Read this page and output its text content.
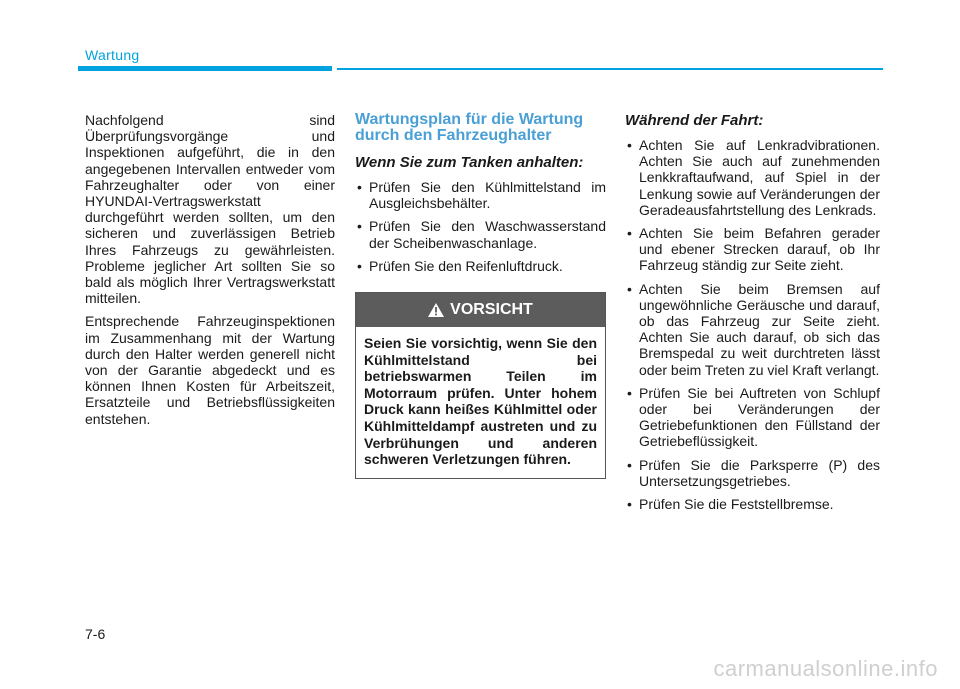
Wartung

Nachfolgend sind Überprüfungsvorgänge und Inspektionen aufgeführt, die in den angegebenen Intervallen entweder vom Fahrzeughalter oder von einer HYUNDAI-Vertragswerkstatt durchgeführt werden sollten, um den sicheren und zuverlässigen Betrieb Ihres Fahrzeugs zu gewährleisten. Probleme jeglicher Art sollten Sie so bald als möglich Ihrer Vertragswerkstatt mitteilen.

Entsprechende Fahrzeuginspektionen im Zusammenhang mit der Wartung durch den Halter werden generell nicht von der Garantie abgedeckt und es können Ihnen Kosten für Arbeitszeit, Ersatzteile und Betriebsflüssigkeiten entstehen.

Wartungsplan für die Wartung durch den Fahrzeughalter
Wenn Sie zum Tanken anhalten:
• Prüfen Sie den Kühlmittelstand im Ausgleichsbehälter.
• Prüfen Sie den Waschwasserstand der Scheibenwaschanlage.
• Prüfen Sie den Reifenluftdruck.
VORSICHT
Seien Sie vorsichtig, wenn Sie den Kühlmittelstand bei betriebswarmen Teilen im Motorraum prüfen. Unter hohem Druck kann heißes Kühlmittel oder Kühlmitteldampf austreten und zu Verbrühungen und anderen schweren Verletzungen führen.
Während der Fahrt:
• Achten Sie auf Lenkradvibrationen. Achten Sie auch auf zunehmenden Lenkkraftaufwand, auf Spiel in der Lenkung sowie auf Veränderungen der Geradeausfahrtstellung des Lenkrads.
• Achten Sie beim Befahren gerader und ebener Strecken darauf, ob Ihr Fahrzeug ständig zur Seite zieht.
• Achten Sie beim Bremsen auf ungewöhnliche Geräusche und darauf, ob das Fahrzeug zur Seite zieht. Achten Sie auch darauf, ob sich das Bremspedal zu weit durchtreten lässt oder beim Treten zu viel Kraft verlangt.
• Prüfen Sie bei Auftreten von Schlupf oder bei Veränderungen der Getriebefunktionen den Füllstand der Getriebeflüssigkeit.
• Prüfen Sie die Parksperre (P) des Untersetzungsgetriebes.
• Prüfen Sie die Feststellbremse.
7-6
carmanualsonline.info
